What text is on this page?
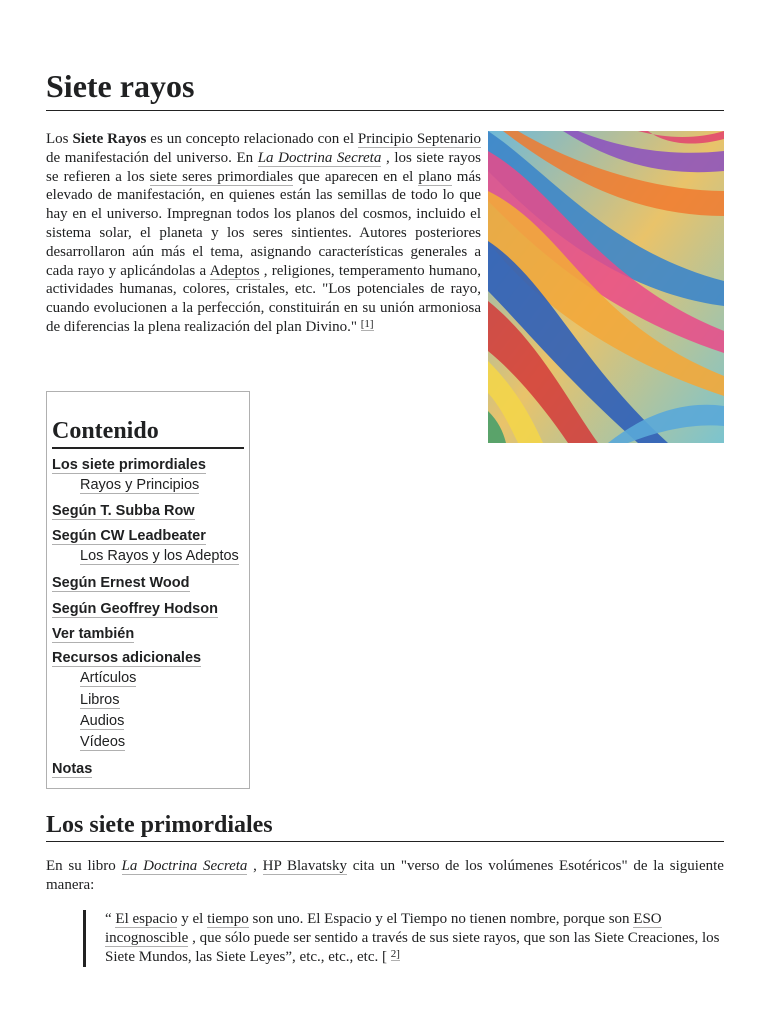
Siete rayos

Los Siete Rayos es un concepto relacionado con el Principio Septenario de manifestación del universo. En La Doctrina Secreta , los siete rayos se refieren a los siete seres primordiales que aparecen en el plano más elevado de manifestación, en quienes están las semillas de todo lo que hay en el universo. Impregnan todos los planos del cosmos, incluido el sistema solar, el planeta y los seres sintientes. Autores posteriores desarrollaron aún más el tema, asignando características generales a cada rayo y aplicándolas a Adeptos , religiones, temperamento humano, actividades humanas, colores, cristales, etc. "Los potenciales de rayo, cuando evolucionen a la perfección, constituirán en su unión armoniosa de diferencias la plena realización del plan Divino." [1]

Contenido
Los siete primordiales
Rayos y Principios
Según T. Subba Row
Según CW Leadbeater
Los Rayos y los Adeptos
Según Ernest Wood
Según Geoffrey Hodson
Ver también
Recursos adicionales
Artículos
Libros
Audios
Vídeos
Notas
Los siete primordiales

En su libro La Doctrina Secreta , HP Blavatsky cita un "verso de los volúmenes Esotéricos" de la siguiente manera:

“ El espacio y el tiempo son uno. El Espacio y el Tiempo no tienen nombre, porque son ESO incognoscible , que sólo puede ser sentido a través de sus siete rayos, que son las Siete Creaciones, los Siete Mundos, las Siete Leyes”, etc., etc., etc. [ $^{2]}$
